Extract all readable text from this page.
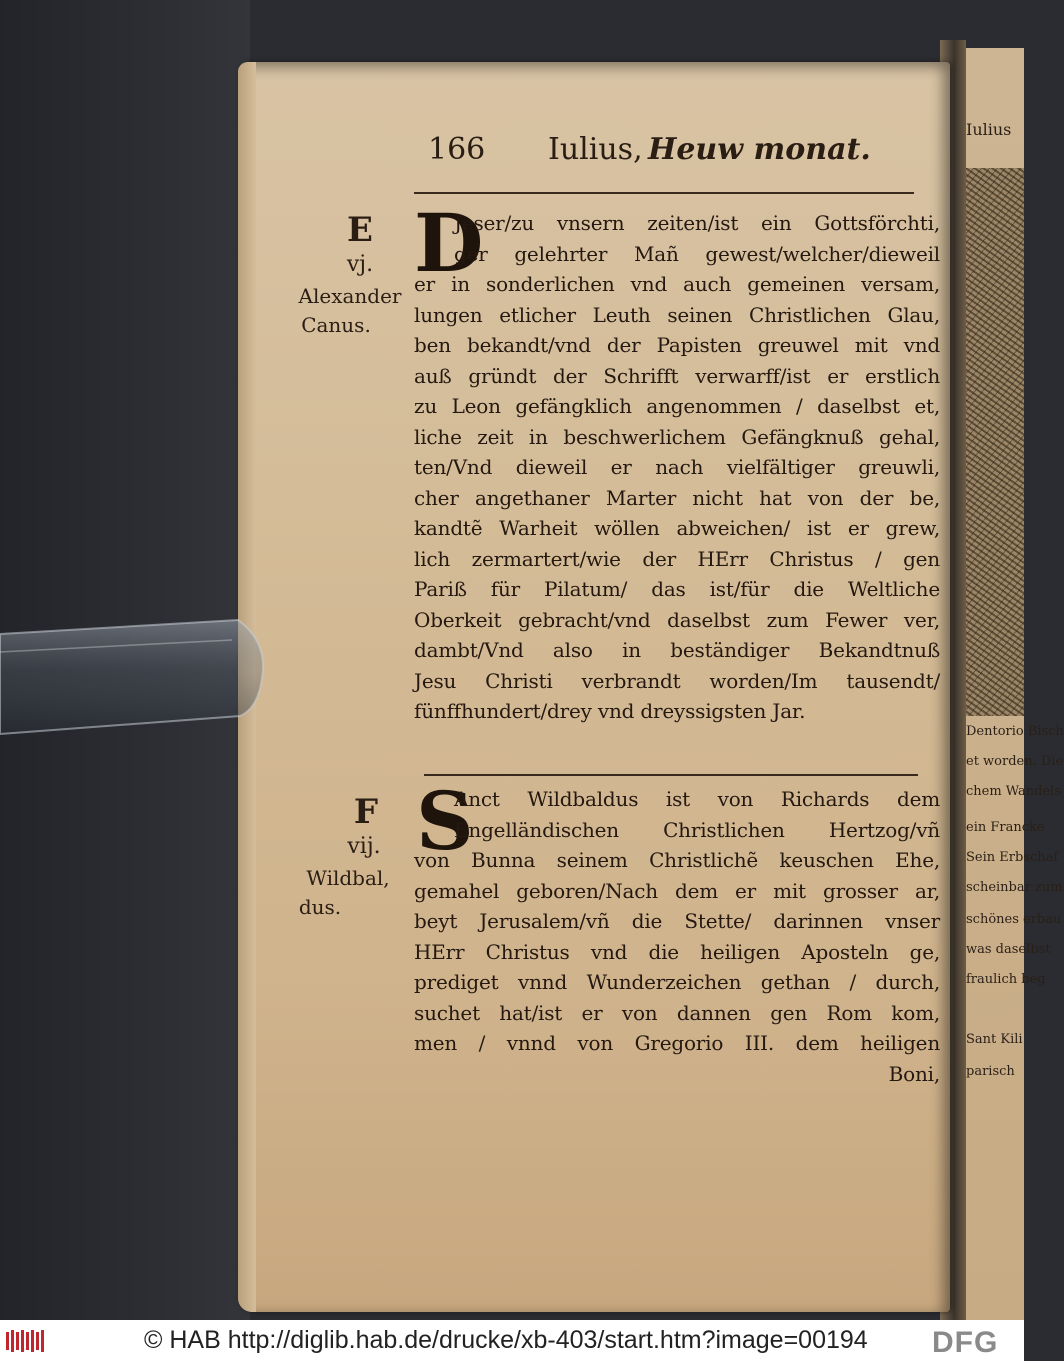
Iulius
Dentorio Bisch
et worden. Die
chem Wandels
ein Francke
Sein Erbschaf
scheinbar zum
schönes erbau
was daselbst
fraulich beg
Sant Kili
parisch
166 Iulius, Heuw monat.
E
vj.
Alexander
Canus.
D
Jeser/zu vnsern zeiten/ist ein Gottsförchti,
ger gelehrter Mañ gewest/welcher/dieweil
er in sonderlichen vnd auch gemeinen versam,
lungen etlicher Leuth seinen Christlichen Glau,
ben bekandt/vnd der Papisten greuwel mit vnd
auß gründt der Schrifft verwarff/ist er erstlich
zu Leon gefängklich angenommen / daselbst et,
liche zeit in beschwerlichem Gefängknuß gehal,
ten/Vnd dieweil er nach vielfältiger greuwli,
cher angethaner Marter nicht hat von der be,
kandtẽ Warheit wöllen abweichen/ ist er grew,
lich zermartert/wie der HErr Christus / gen
Pariß für Pilatum/ das ist/für die Weltliche
Oberkeit gebracht/vnd daselbst zum Fewer ver,
dambt/Vnd also in beständiger Bekandtnuß
Jesu Christi verbrandt worden/Im tausendt/
fünffhundert/drey vnd dreyssigsten Jar.
F
vij.
Wildbal,
dus.
S
Anct Wildbaldus ist von Richards dem
Engelländischen Christlichen Hertzog/vñ
von Bunna seinem Christlichẽ keuschen Ehe,
gemahel geboren/Nach dem er mit grosser ar,
beyt Jerusalem/vñ die Stette/ darinnen vnser
HErr Christus vnd die heiligen Aposteln ge,
prediget vnnd Wunderzeichen gethan / durch,
suchet hat/ist er von dannen gen Rom kom,
men / vnnd von Gregorio III. dem heiligen
Boni,
© HAB http://diglib.hab.de/drucke/xb-403/start.htm?image=00194 DFG
